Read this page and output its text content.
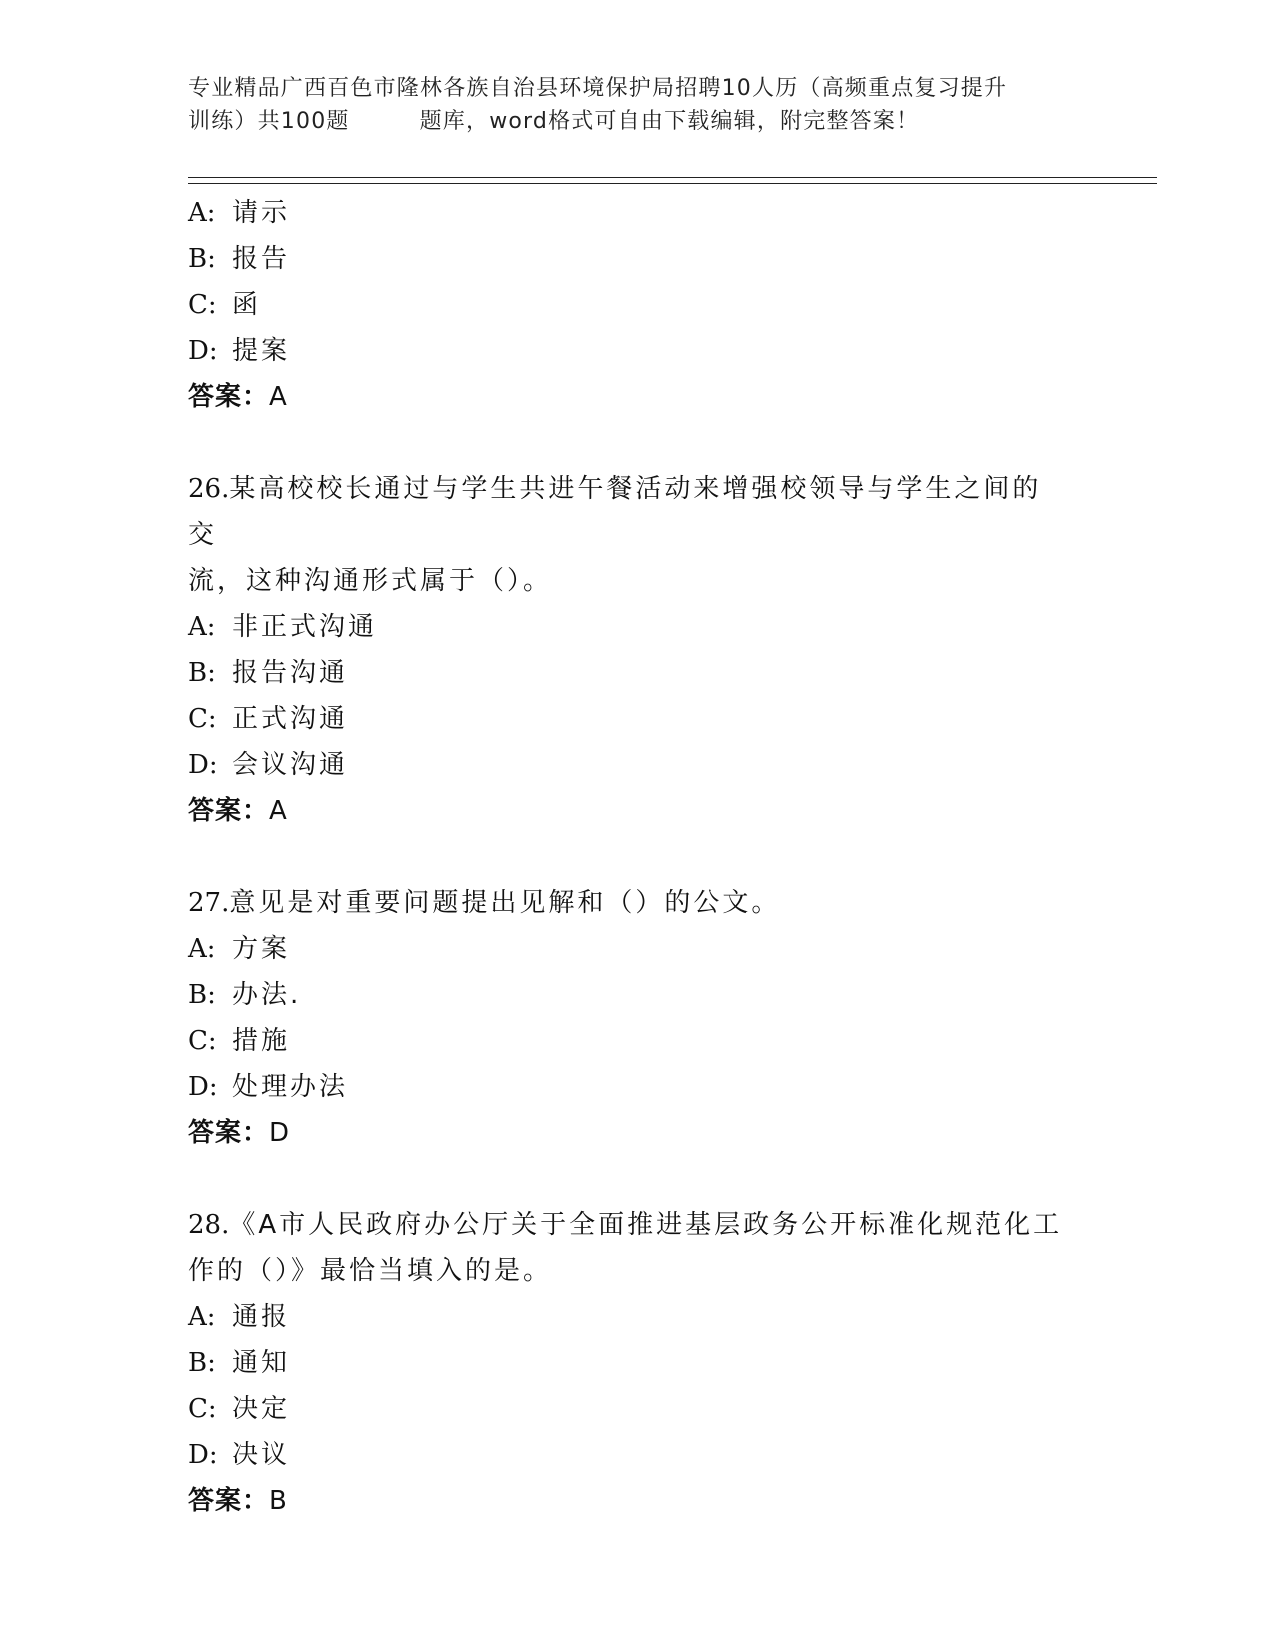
专业精品广西百色市隆林各族自治县环境保护局招聘10人历（高频重点复习提升
训练）共100题	题库，word格式可自由下载编辑，附完整答案！
A: 请示
B: 报告
C: 函
D: 提案
答案：A
26.某高校校长通过与学生共进午餐活动来增强校领导与学生之间的交
流，这种沟通形式属于（）。
A: 非正式沟通
B: 报告沟通
C: 正式沟通
D: 会议沟通
答案：A
27.意见是对重要问题提出见解和（）的公文。
A: 方案
B: 办法.
C: 措施
D: 处理办法
答案：D
28.《A市人民政府办公厅关于全面推进基层政务公开标准化规范化工
作的（）》最恰当填入的是。
A: 通报
B: 通知
C: 决定
D: 决议
答案：B
